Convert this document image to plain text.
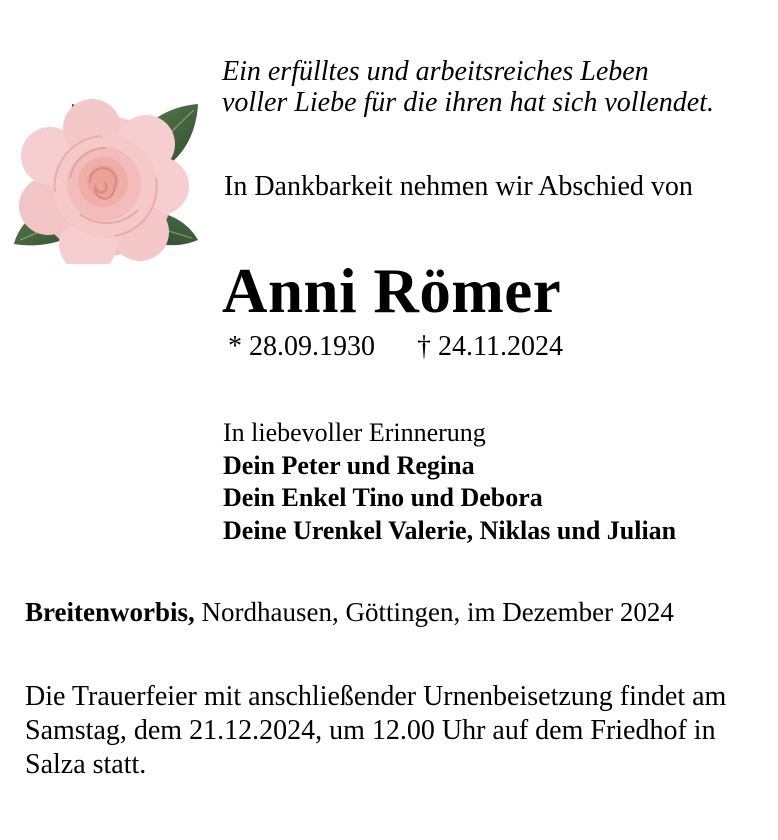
Ein erfülltes und arbeitsreiches Leben
voller Liebe für die ihren hat sich vollendet.
In Dankbarkeit nehmen wir Abschied von
Anni Römer
* 28.09.1930 † 24.11.2024
In liebevoller Erinnerung
Dein Peter und Regina
Dein Enkel Tino und Debora
Deine Urenkel Valerie, Niklas und Julian
Breitenworbis, Nordhausen, Göttingen, im Dezember 2024
Die Trauerfeier mit anschließender Urnenbeisetzung findet am
Samstag, dem 21.12.2024, um 12.00 Uhr auf dem Friedhof in
Salza statt.
